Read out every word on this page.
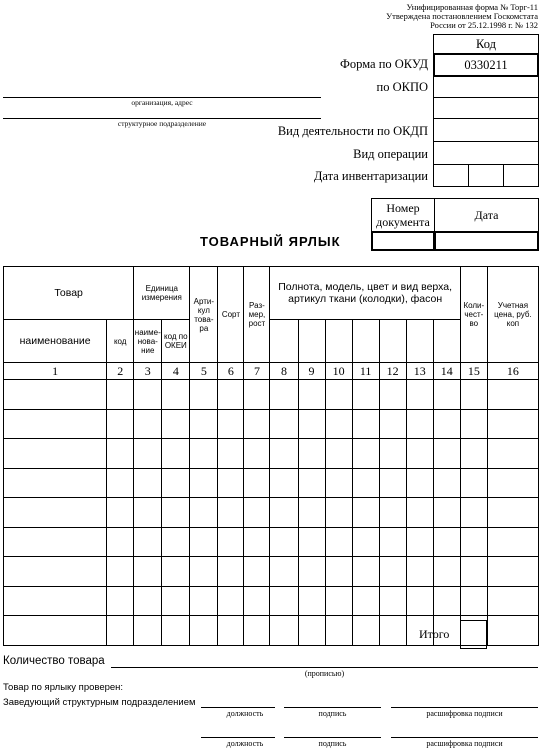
Унифицированная форма № Торг-11
Утверждена постановлением Госкомстата
России от 25.12.1998 г. № 132
Код
0330211
Форма по ОКУД
по ОКПО
Вид деятельности по ОКДП
Вид операции
Дата инвентаризации
организация, адрес
структурное подразделение
Номер документа	Дата
ТОВАРНЫЙ ЯРЛЫК
Товар		Единица измерения		Арти-кул това-ра	Сорт	Раз-мер, рост	Полнота, модель, цвет и вид верха, артикул ткани (колодки), фасон							Коли-чест-во	Учетная цена, руб. коп
наименование	код	наиме-нова-ние	код по ОКЕИ												
1	2	3	4	5	6	7	8	9	10	11	12	13	14	15	16

Итого
Количество товара
(прописью)
Товар по ярлыку проверен:
Заведующий структурным подразделением
должность	подпись	расшифровка подписи
должность	подпись	расшифровка подписи
